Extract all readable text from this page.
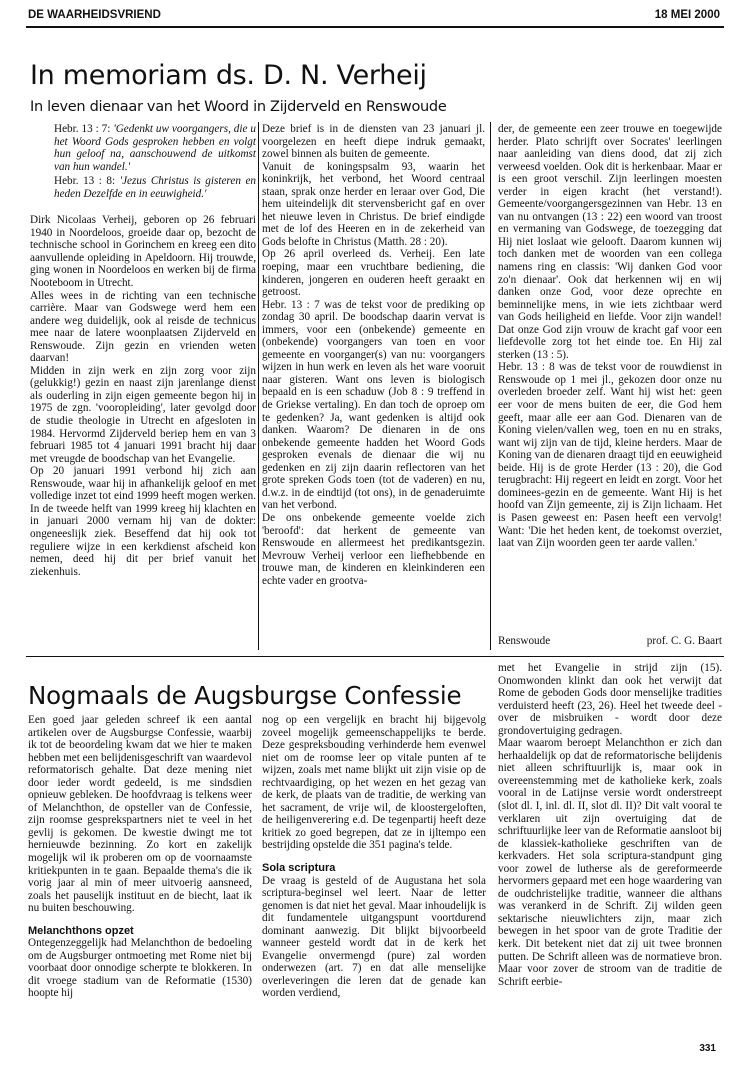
DE WAARHEIDSVRIEND	18 MEI 2000
In memoriam ds. D. N. Verheij
In leven dienaar van het Woord in Zijderveld en Renswoude

Hebr. 13 : 7: 'Gedenkt uw voorgangers, die u het Woord Gods gesproken hebben en volgt hun geloof na, aanschouwend de uitkomst van hun wandel.'

Hebr. 13 : 8: 'Jezus Christus is gisteren en heden Dezelfde en in eeuwigheid.'

Dirk Nicolaas Verheij, geboren op 26 februari 1940 in Noordeloos, groeide daar op, bezocht de technische school in Gorinchem en kreeg een dito aanvullende opleiding in Apeldoorn. Hij trouwde, ging wonen in Noordeloos en werken bij de firma Nooteboom in Utrecht.

Alles wees in de richting van een technische carrière. Maar van Godswege werd hem een andere weg duidelijk, ook al reisde de technicus mee naar de latere woonplaatsen Zijderveld en Renswoude. Zijn gezin en vrienden weten daarvan!

Midden in zijn werk en zijn zorg voor zijn (gelukkig!) gezin en naast zijn jarenlange dienst als ouderling in zijn eigen gemeente begon hij in 1975 de zgn. 'vooropleiding', later gevolgd door de studie theologie in Utrecht en afgesloten in 1984. Hervormd Zijderveld beriep hem en van 3 februari 1985 tot 4 januari 1991 bracht hij daar met vreugde de boodschap van het Evangelie.

Op 20 januari 1991 verbond hij zich aan Renswoude, waar hij in afhankelijk geloof en met volledige inzet tot eind 1999 heeft mogen werken. In de tweede helft van 1999 kreeg hij klachten en in januari 2000 vernam hij van de dokter: ongeneeslijk ziek. Beseffend dat hij ook tot reguliere wijze in een kerkdienst afscheid kon nemen, deed hij dit per brief vanuit het ziekenhuis.

Deze brief is in de diensten van 23 januari jl. voorgelezen en heeft diepe indruk gemaakt, zowel binnen als buiten de gemeente.

Vanuit de koningspsalm 93, waarin het koninkrijk, het verbond, het Woord centraal staan, sprak onze herder en leraar over God, Die hem uiteindelijk dit stervensbericht gaf en over het nieuwe leven in Christus. De brief eindigde met de lof des Heeren en in de zekerheid van Gods belofte in Christus (Matth. 28 : 20).

Op 26 april overleed ds. Verheij. Een late roeping, maar een vruchtbare bediening, die kinderen, jongeren en ouderen heeft geraakt en getroost.

Hebr. 13 : 7 was de tekst voor de prediking op zondag 30 april. De boodschap daarin vervat is immers, voor een (onbekende) gemeente en (onbekende) voorgangers van toen en voor gemeente en voorganger(s) van nu: voorgangers wijzen in hun werk en leven als het ware vooruit naar gisteren. Want ons leven is biologisch bepaald en is een schaduw (Job 8 : 9 treffend in de Griekse vertaling). En dan toch de oproep om te gedenken? Ja, want gedenken is altijd ook danken. Waarom? De dienaren in de ons onbekende gemeente hadden het Woord Gods gesproken evenals de dienaar die wij nu gedenken en zij zijn daarin reflectoren van het grote spreken Gods toen (tot de vaderen) en nu, d.w.z. in de eindtijd (tot ons), in de genaderuimte van het verbond.

De ons onbekende gemeente voelde zich 'beroofd': dat herkent de gemeente van Renswoude en allermeest het predikantsgezin. Mevrouw Verheij verloor een liefhebbende en trouwe man, de kinderen en kleinkinderen een echte vader en grootva-

der, de gemeente een zeer trouwe en toegewijde herder. Plato schrijft over Socrates' leerlingen naar aanleiding van diens dood, dat zij zich verweesd voelden. Ook dit is herkenbaar. Maar er is een groot verschil. Zijn leerlingen moesten verder in eigen kracht (het verstand!). Gemeente/voorgangersgezinnen van Hebr. 13 en van nu ontvangen (13 : 22) een woord van troost en vermaning van Godswege, de toezegging dat Hij niet loslaat wie gelooft. Daarom kunnen wij toch danken met de woorden van een collega namens ring en classis: 'Wij danken God voor zo'n dienaar'. Ook dat herkennen wij en wij danken onze God, voor deze oprechte en beminnelijke mens, in wie iets zichtbaar werd van Gods heiligheid en liefde. Voor zijn wandel! Dat onze God zijn vrouw de kracht gaf voor een liefdevolle zorg tot het einde toe. En Hij zal sterken (13 : 5).

Hebr. 13 : 8 was de tekst voor de rouwdienst in Renswoude op 1 mei jl., gekozen door onze nu overleden broeder zelf. Want hij wist het: geen eer voor de mens buiten de eer, die God hem geeft, maar alle eer aan God. Dienaren van de Koning vielen/vallen weg, toen en nu en straks, want wij zijn van de tijd, kleine herders. Maar de Koning van de dienaren draagt tijd en eeuwigheid beide. Hij is de grote Herder (13 : 20), die God terugbracht: Hij regeert en leidt en zorgt. Voor het dominees-gezin en de gemeente. Want Hij is het hoofd van Zijn gemeente, zij is Zijn lichaam. Het is Pasen geweest en: Pasen heeft een vervolg! Want: 'Die het heden kent, de toekomst overziet, laat van Zijn woorden geen ter aarde vallen.'

Renswoude	prof. C. G. Baart
Nogmaals de Augsburgse Confessie

Een goed jaar geleden schreef ik een aantal artikelen over de Augsburgse Confessie, waarbij ik tot de beoordeling kwam dat we hier te maken hebben met een belijdenisgeschrift van waardevol reformatorisch gehalte. Dat deze mening niet door ieder wordt gedeeld, is me sindsdien opnieuw gebleken. De hoofdvraag is telkens weer of Melanchthon, de opsteller van de Confessie, zijn roomse gesprekspartners niet te veel in het gevlij is gekomen. De kwestie dwingt me tot hernieuwde bezinning. Zo kort en zakelijk mogelijk wil ik proberen om op de voornaamste kritiekpunten in te gaan. Bepaalde thema's die ik vorig jaar al min of meer uitvoerig aansneed, zoals het pauselijk instituut en de biecht, laat ik nu buiten beschouwing.

Melanchthons opzet

Ontegenzeggelijk had Melanchthon de bedoeling om de Augsburger ontmoeting met Rome niet bij voorbaat door onnodige scherpte te blokkeren. In dit vroege stadium van de Reformatie (1530) hoopte hij

nog op een vergelijk en bracht hij bijgevolg zoveel mogelijk gemeenschappelijks te berde. Deze gespreksbouding verhinderde hem evenwel niet om de roomse leer op vitale punten af te wijzen, zoals met name blijkt uit zijn visie op de rechtvaardiging, op het wezen en het gezag van de kerk, de plaats van de traditie, de werking van het sacrament, de vrije wil, de kloostergeloften, de heiligenverering e.d. De tegenpartij heeft deze kritiek zo goed begrepen, dat ze in ijltempo een bestrijding opstelde die 351 pagina's telde.

Sola scriptura

De vraag is gesteld of de Augustana het sola scriptura-beginsel wel leert. Naar de letter genomen is dat niet het geval. Maar inhoudelijk is dit fundamentele uitgangspunt voortdurend dominant aanwezig. Dit blijkt bijvoorbeeld wanneer gesteld wordt dat in de kerk het Evangelie onvermengd (pure) zal worden onderwezen (art. 7) en dat alle menselijke overleveringen die leren dat de genade kan worden verdiend,

met het Evangelie in strijd zijn (15). Onomwonden klinkt dan ook het verwijt dat Rome de geboden Gods door menselijke tradities verduisterd heeft (23, 26). Heel het tweede deel - over de misbruiken - wordt door deze grondovertuiging gedragen.

Maar waarom beroept Melanchthon er zich dan herhaaldelijk op dat de reformatorische belijdenis niet alleen schriftuurlijk is, maar ook in overeenstemming met de katholieke kerk, zoals vooral in de Latijnse versie wordt onderstreept (slot dl. I, inl. dl. II, slot dl. II)? Dit valt vooral te verklaren uit zijn overtuiging dat de schriftuurlijke leer van de Reformatie aansloot bij de klassiek-katholieke geschriften van de kerkvaders. Het sola scriptura-standpunt ging voor zowel de lutherse als de gereformeerde hervormers gepaard met een hoge waardering van de oudchristelijke traditie, wanneer die althans was verankerd in de Schrift. Zij wilden geen sektarische nieuwlichters zijn, maar zich bewegen in het spoor van de grote Traditie der kerk. Dit betekent niet dat zij uit twee bronnen putten. De Schrift alleen was de normatieve bron. Maar voor zover de stroom van de traditie de Schrift eerbie-

331
